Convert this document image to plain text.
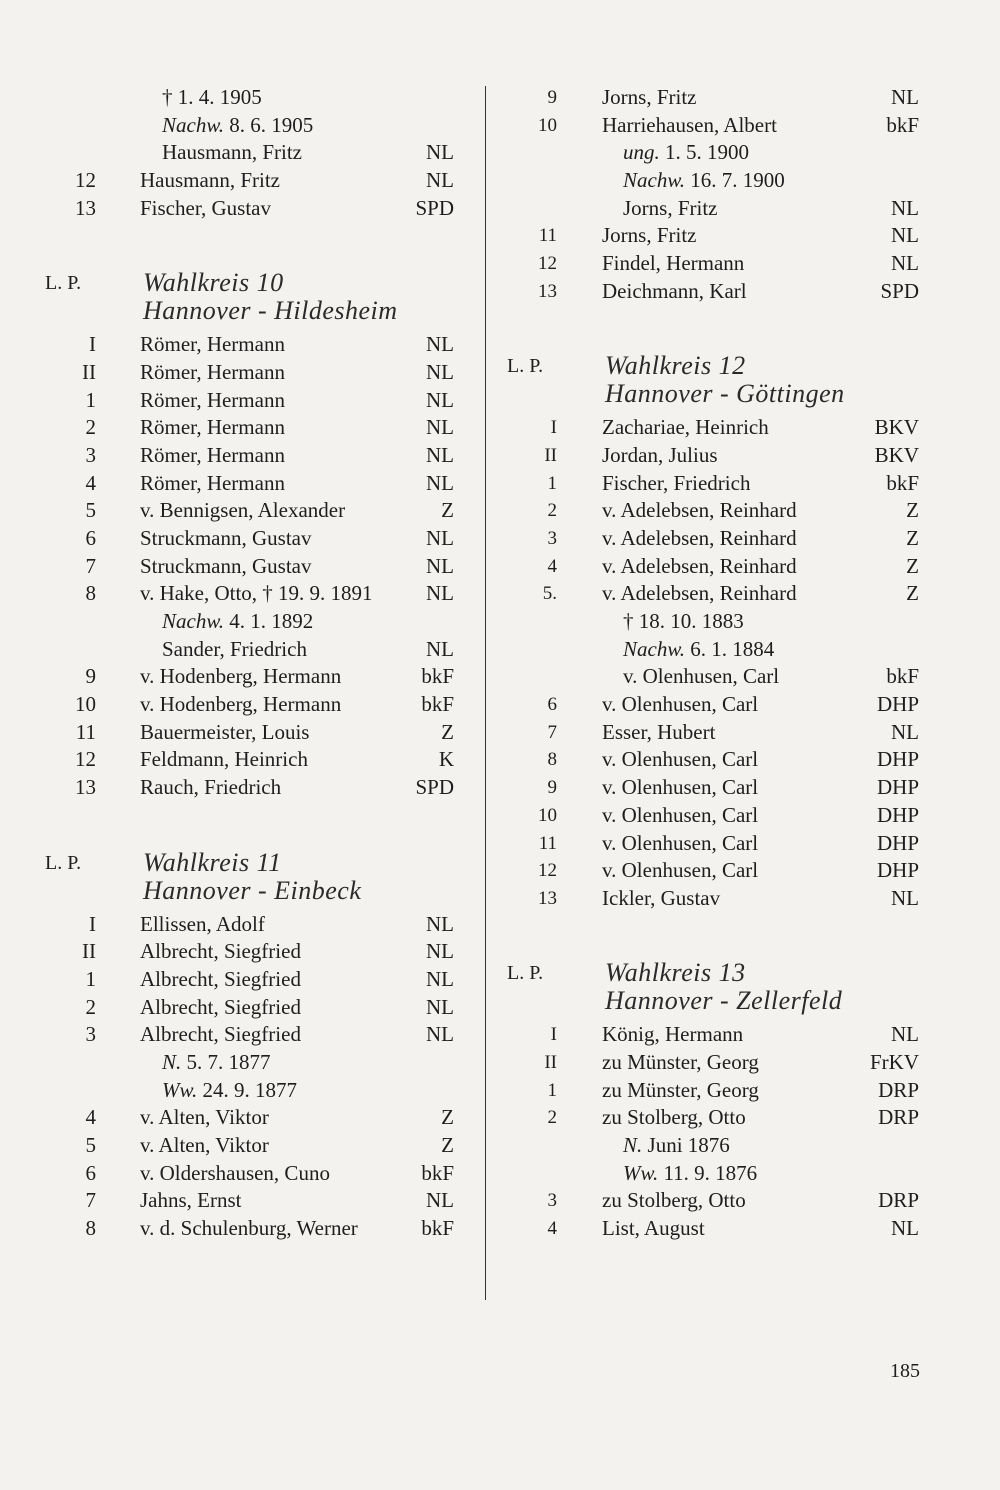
† 1. 4. 1905
Nachw. 8. 6. 1905
Hausmann, Fritz	NL
12 Hausmann, Fritz	NL
13 Fischer, Gustav	SPD
L. P. Wahlkreis 10
Hannover - Hildesheim
I Römer, Hermann	NL
II Römer, Hermann	NL
1 Römer, Hermann	NL
2 Römer, Hermann	NL
3 Römer, Hermann	NL
4 Römer, Hermann	NL
5 v. Bennigsen, Alexander	Z
6 Struckmann, Gustav	NL
7 Struckmann, Gustav	NL
8 v. Hake, Otto, † 19. 9. 1891	NL
Nachw. 4. 1. 1892
Sander, Friedrich	NL
9 v. Hodenberg, Hermann	bkF
10 v. Hodenberg, Hermann	bkF
11 Bauermeister, Louis	Z
12 Feldmann, Heinrich	K
13 Rauch, Friedrich	SPD
L. P. Wahlkreis 11
Hannover - Einbeck
I Ellissen, Adolf	NL
II Albrecht, Siegfried	NL
1 Albrecht, Siegfried	NL
2 Albrecht, Siegfried	NL
3 Albrecht, Siegfried	NL
N. 5. 7. 1877
Ww. 24. 9. 1877
4 v. Alten, Viktor	Z
5 v. Alten, Viktor	Z
6 v. Oldershausen, Cuno	bkF
7 Jahns, Ernst	NL
8 v. d. Schulenburg, Werner	bkF
9 Jorns, Fritz	NL
10 Harriehausen, Albert	bkF
ung. 1. 5. 1900
Nachw. 16. 7. 1900
Jorns, Fritz	NL
11 Jorns, Fritz	NL
12 Findel, Hermann	NL
13 Deichmann, Karl	SPD
L. P. Wahlkreis 12
Hannover - Göttingen
I Zachariae, Heinrich	BKV
II Jordan, Julius	BKV
1 Fischer, Friedrich	bkF
2 v. Adelebsen, Reinhard	Z
3 v. Adelebsen, Reinhard	Z
4 v. Adelebsen, Reinhard	Z
5. v. Adelebsen, Reinhard	Z
† 18. 10. 1883
Nachw. 6. 1. 1884
v. Olenhusen, Carl	bkF
6 v. Olenhusen, Carl	DHP
7 Esser, Hubert	NL
8 v. Olenhusen, Carl	DHP
9 v. Olenhusen, Carl	DHP
10 v. Olenhusen, Carl	DHP
11 v. Olenhusen, Carl	DHP
12 v. Olenhusen, Carl	DHP
13 Ickler, Gustav	NL
L. P. Wahlkreis 13
Hannover - Zellerfeld
I König, Hermann	NL
II zu Münster, Georg	FrKV
1 zu Münster, Georg	DRP
2 zu Stolberg, Otto	DRP
N. Juni 1876
Ww. 11. 9. 1876
3 zu Stolberg, Otto	DRP
4 List, August	NL
185
